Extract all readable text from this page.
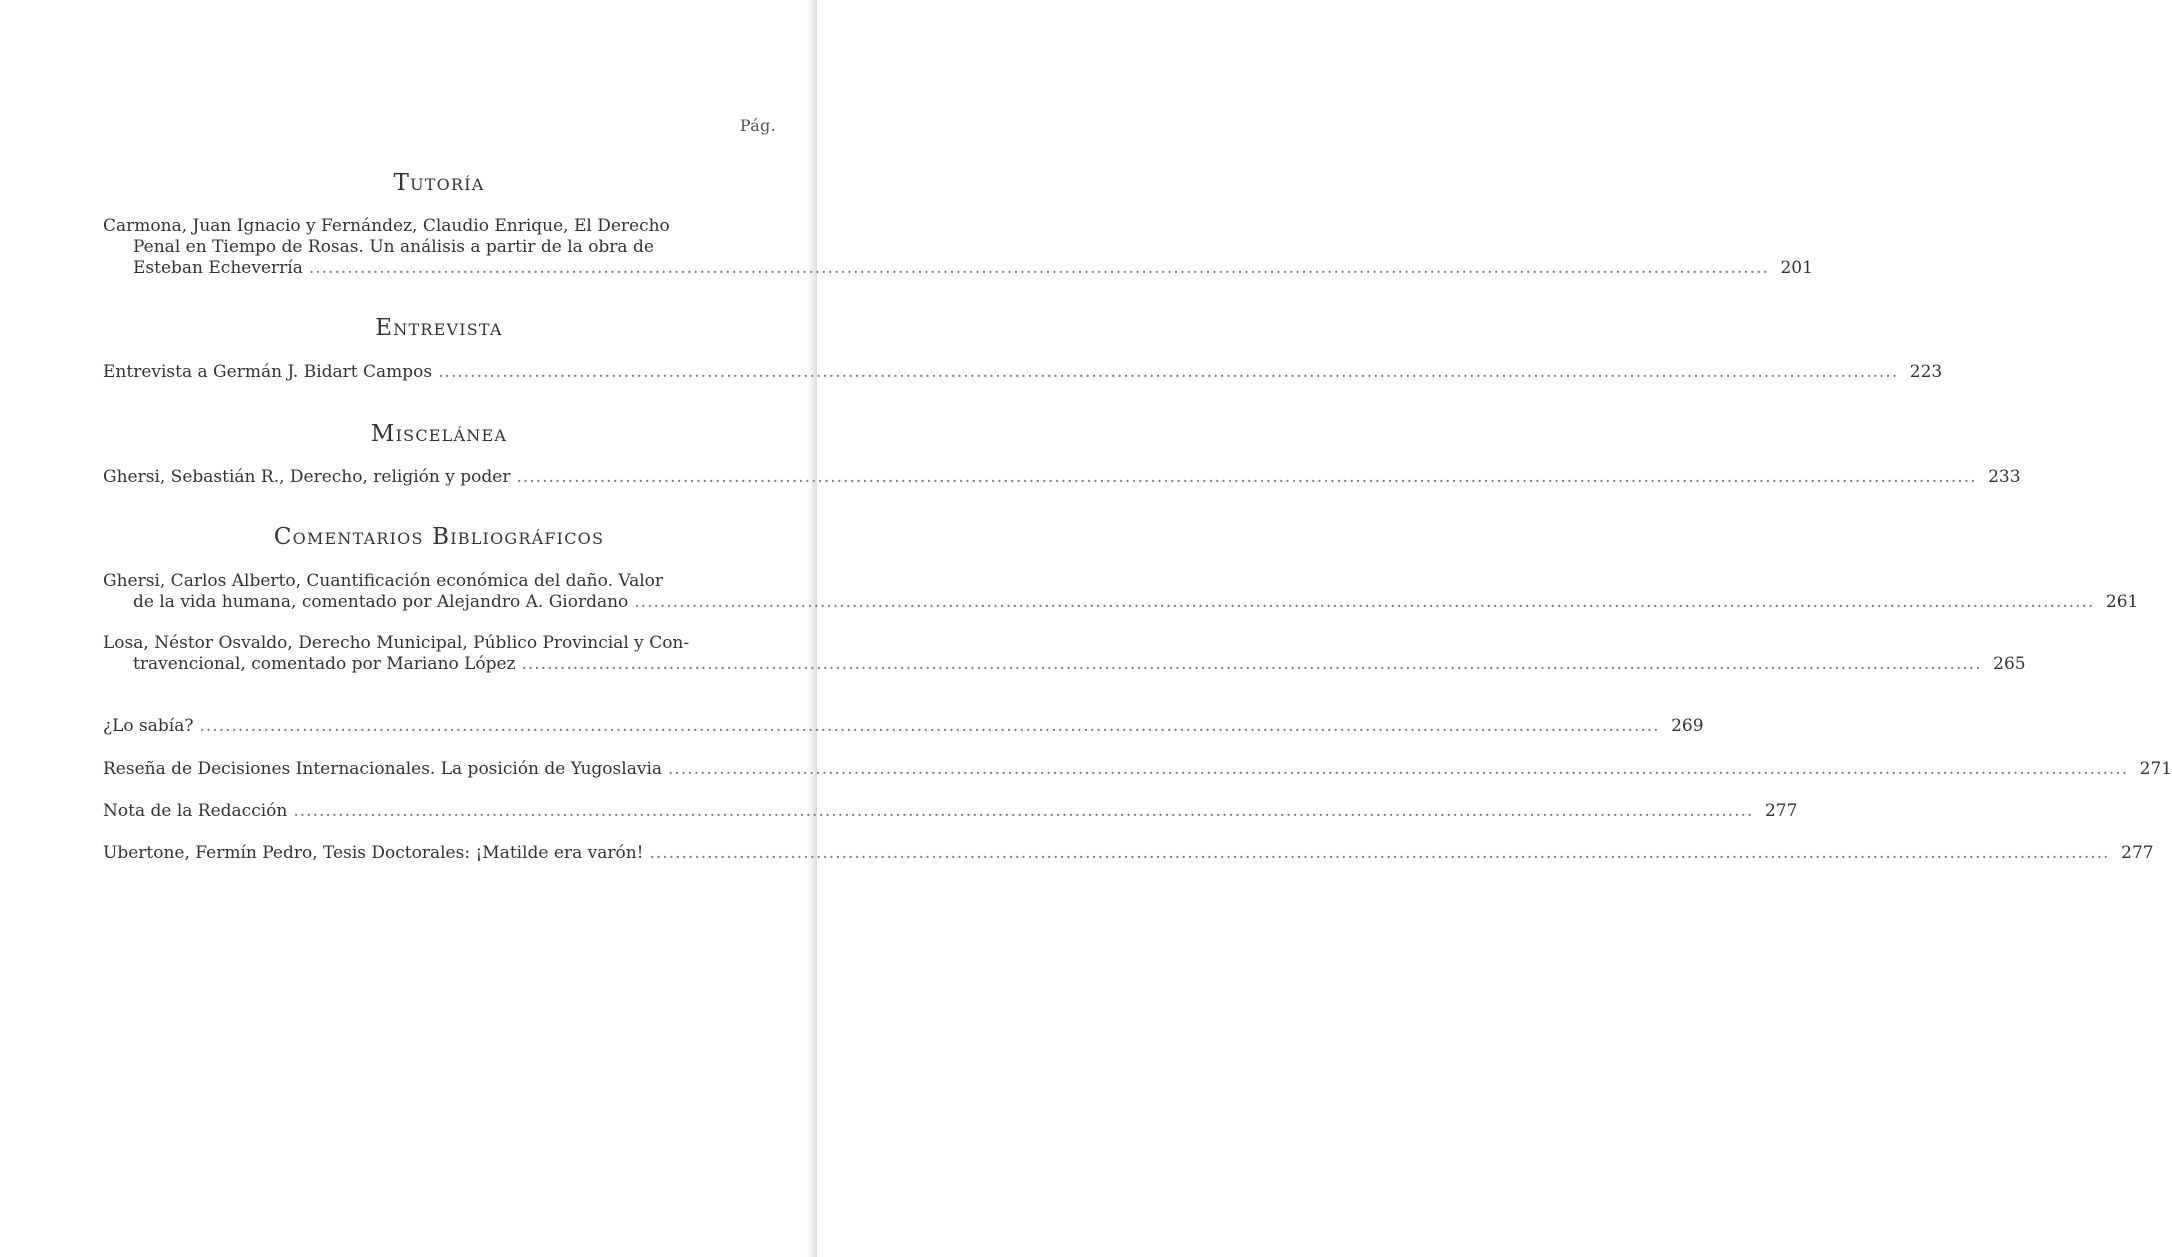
Pág.
Tutoría
Carmona, Juan Ignacio y Fernández, Claudio Enrique, El Derecho
Penal en Tiempo de Rosas. Un análisis a partir de la obra de
Esteban Echeverría .....	201
Entrevista
Entrevista a Germán J. Bidart Campos .....	223
Miscelánea
Ghersi, Sebastián R., Derecho, religión y poder .....	233
Comentarios Bibliográficos
Ghersi, Carlos Alberto, Cuantificación económica del daño. Valor
de la vida humana, comentado por Alejandro A. Giordano .....	261
Losa, Néstor Osvaldo, Derecho Municipal, Público Provincial y Con-
travencional, comentado por Mariano López .....	265
¿Lo sabía? .....	269
Reseña de Decisiones Internacionales. La posición de Yugoslavia .....	271
Nota de la Redacción .....	277
Ubertone, Fermín Pedro, Tesis Doctorales: ¡Matilde era varón! .....	277
